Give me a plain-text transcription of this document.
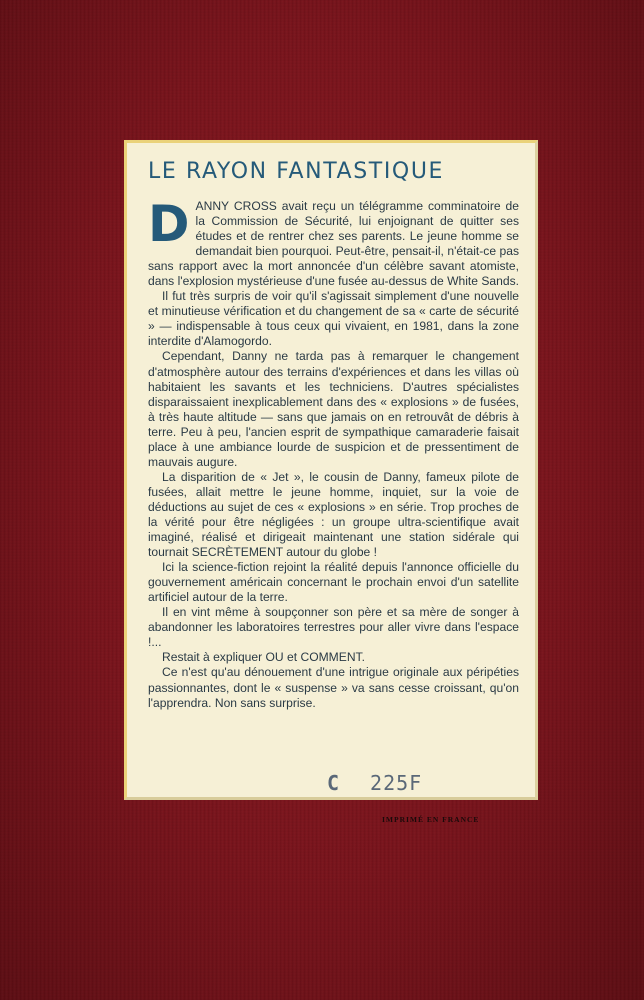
LE RAYON FANTASTIQUE

DANNY CROSS avait reçu un télégramme comminatoire de la Commission de Sécurité, lui enjoignant de quitter ses études et de rentrer chez ses parents. Le jeune homme se demandait bien pourquoi. Peut-être, pensait-il, n'était-ce pas sans rapport avec la mort annoncée d'un célèbre savant atomiste, dans l'explosion mystérieuse d'une fusée au-dessus de White Sands.

Il fut très surpris de voir qu'il s'agissait simplement d'une nouvelle et minutieuse vérification et du changement de sa « carte de sécurité » — indispensable à tous ceux qui vivaient, en 1981, dans la zone interdite d'Alamogordo.

Cependant, Danny ne tarda pas à remarquer le changement d'atmosphère autour des terrains d'expériences et dans les villas où habitaient les savants et les techniciens. D'autres spécialistes disparaissaient inexplicablement dans des « explosions » de fusées, à très haute altitude — sans que jamais on en retrouvât de débris à terre. Peu à peu, l'ancien esprit de sympathique camaraderie faisait place à une ambiance lourde de suspicion et de pressentiment de mauvais augure.

La disparition de « Jet », le cousin de Danny, fameux pilote de fusées, allait mettre le jeune homme, inquiet, sur la voie de déductions au sujet de ces « explosions » en série. Trop proches de la vérité pour être négligées : un groupe ultra-scientifique avait imaginé, réalisé et dirigeait maintenant une station sidérale qui tournait SECRÈTEMENT autour du globe !

Ici la science-fiction rejoint la réalité depuis l'annonce officielle du gouvernement américain concernant le prochain envoi d'un satellite artificiel autour de la terre.

Il en vint même à soupçonner son père et sa mère de songer à abandonner les laboratoires terrestres pour aller vivre dans l'espace !...

Restait à expliquer OU et COMMENT.

Ce n'est qu'au dénouement d'une intrigue originale aux péripéties passionnantes, dont le « suspense » va sans cesse croissant, qu'on l'apprendra. Non sans surprise.

C 225F
IMPRIMÉ EN FRANCE
